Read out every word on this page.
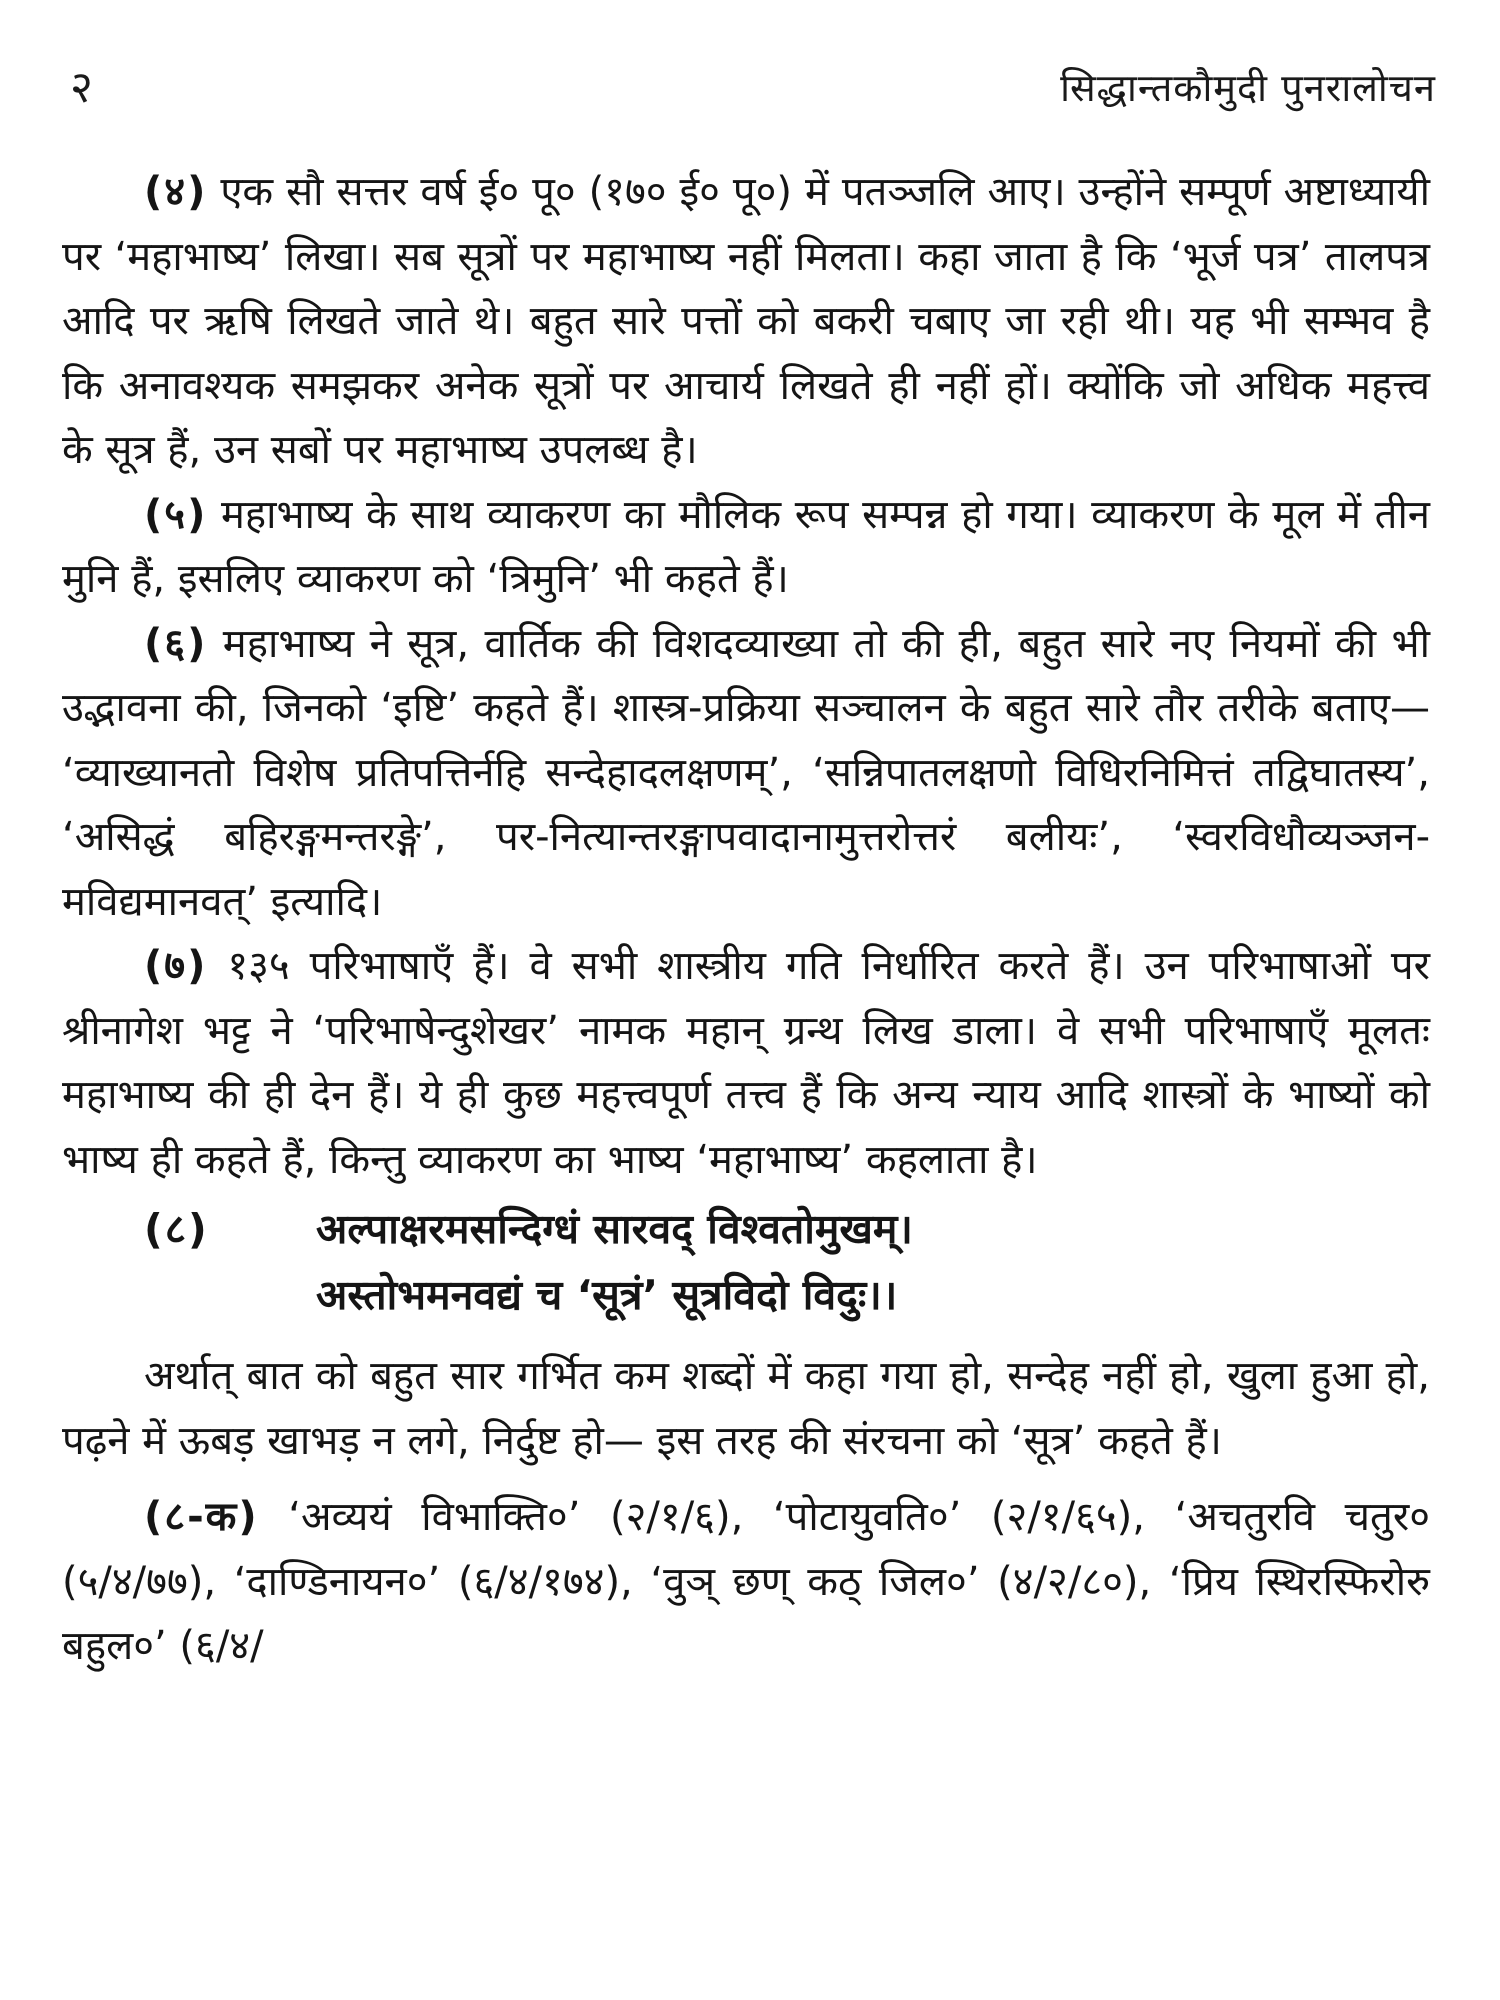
२	सिद्धान्तकौमुदी पुनरालोचन

(४) एक सौ सत्तर वर्ष ई० पू० (१७० ई० पू०) में पतञ्जलि आए। उन्होंने सम्पूर्ण अष्टाध्यायी पर ‘महाभाष्य’ लिखा। सब सूत्रों पर महाभाष्य नहीं मिलता। कहा जाता है कि ‘भूर्ज पत्र’ तालपत्र आदि पर ऋषि लिखते जाते थे। बहुत सारे पत्तों को बकरी चबाए जा रही थी। यह भी सम्भव है कि अनावश्यक समझकर अनेक सूत्रों पर आचार्य लिखते ही नहीं हों। क्योंकि जो अधिक महत्त्व के सूत्र हैं, उन सबों पर महाभाष्य उपलब्ध है।

(५) महाभाष्य के साथ व्याकरण का मौलिक रूप सम्पन्न हो गया। व्याकरण के मूल में तीन मुनि हैं, इसलिए व्याकरण को ‘त्रिमुनि’ भी कहते हैं।

(६) महाभाष्य ने सूत्र, वार्तिक की विशदव्याख्या तो की ही, बहुत सारे नए नियमों की भी उद्भावना की, जिनको ‘इष्टि’ कहते हैं। शास्त्र-प्रक्रिया सञ्चालन के बहुत सारे तौर तरीके बताए— ‘व्याख्यानतो विशेष प्रतिपत्तिर्नहि सन्देहादलक्षणम्’, ‘सन्निपातलक्षणो विधिरनिमित्तं तद्विघातस्य’, ‘असिद्धं बहिरङ्गमन्तरङ्गे’, पर-नित्यान्तरङ्गापवादानामुत्तरोत्तरं बलीयः’, ‘स्वरविधौव्यञ्जन-मविद्यमानवत्’ इत्यादि।

(७) १३५ परिभाषाएँ हैं। वे सभी शास्त्रीय गति निर्धारित करते हैं। उन परिभाषाओं पर श्रीनागेश भट्ट ने ‘परिभाषेन्दुशेखर’ नामक महान् ग्रन्थ लिख डाला। वे सभी परिभाषाएँ मूलतः महाभाष्य की ही देन हैं। ये ही कुछ महत्त्वपूर्ण तत्त्व हैं कि अन्य न्याय आदि शास्त्रों के भाष्यों को भाष्य ही कहते हैं, किन्तु व्याकरण का भाष्य ‘महाभाष्य’ कहलाता है।

(८)	अल्पाक्षरमसन्दिग्धं सारवद् विश्वतोमुखम्।

अस्तोभमनवद्यं च ‘सूत्रं’ सूत्रविदो विदुः।।

अर्थात् बात को बहुत सार गर्भित कम शब्दों में कहा गया हो, सन्देह नहीं हो, खुला हुआ हो, पढ़ने में ऊबड़ खाभड़ न लगे, निर्दुष्ट हो— इस तरह की संरचना को ‘सूत्र’ कहते हैं।

(८-क) ‘अव्ययं विभाक्ति०’ (२/१/६), ‘पोटायुवति०’ (२/१/६५), ‘अचतुरवि चतुर० (५/४/७७), ‘दाण्डिनायन०’ (६/४/१७४), ‘वुञ् छण् कठ् जिल०’ (४/२/८०), ‘प्रिय स्थिरस्फिरोरु बहुल०’ (६/४/
